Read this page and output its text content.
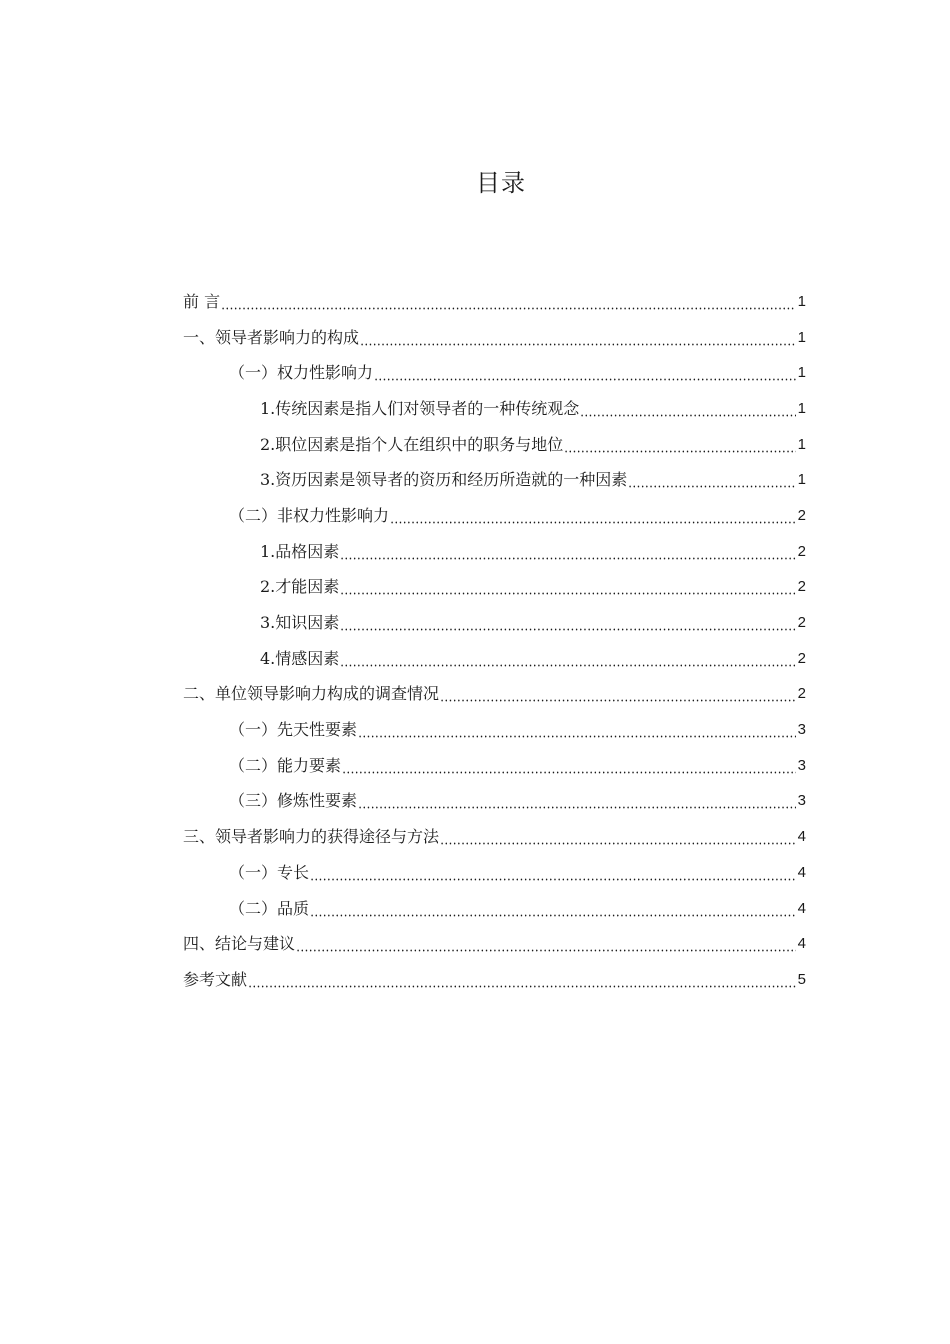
目录
前 言	1
一、领导者影响力的构成	1
（一）权力性影响力	1
1.传统因素是指人们对领导者的一种传统观念	1
2.职位因素是指个人在组织中的职务与地位	1
3.资历因素是领导者的资历和经历所造就的一种因素	1
（二）非权力性影响力	2
1.品格因素	2
2.才能因素	2
3.知识因素	2
4.情感因素	2
二、单位领导影响力构成的调查情况	2
（一）先天性要素	3
（二）能力要素	3
（三）修炼性要素	3
三、领导者影响力的获得途径与方法	4
（一）专长	4
（二）品质	4
四、结论与建议	4
参考文献	5
